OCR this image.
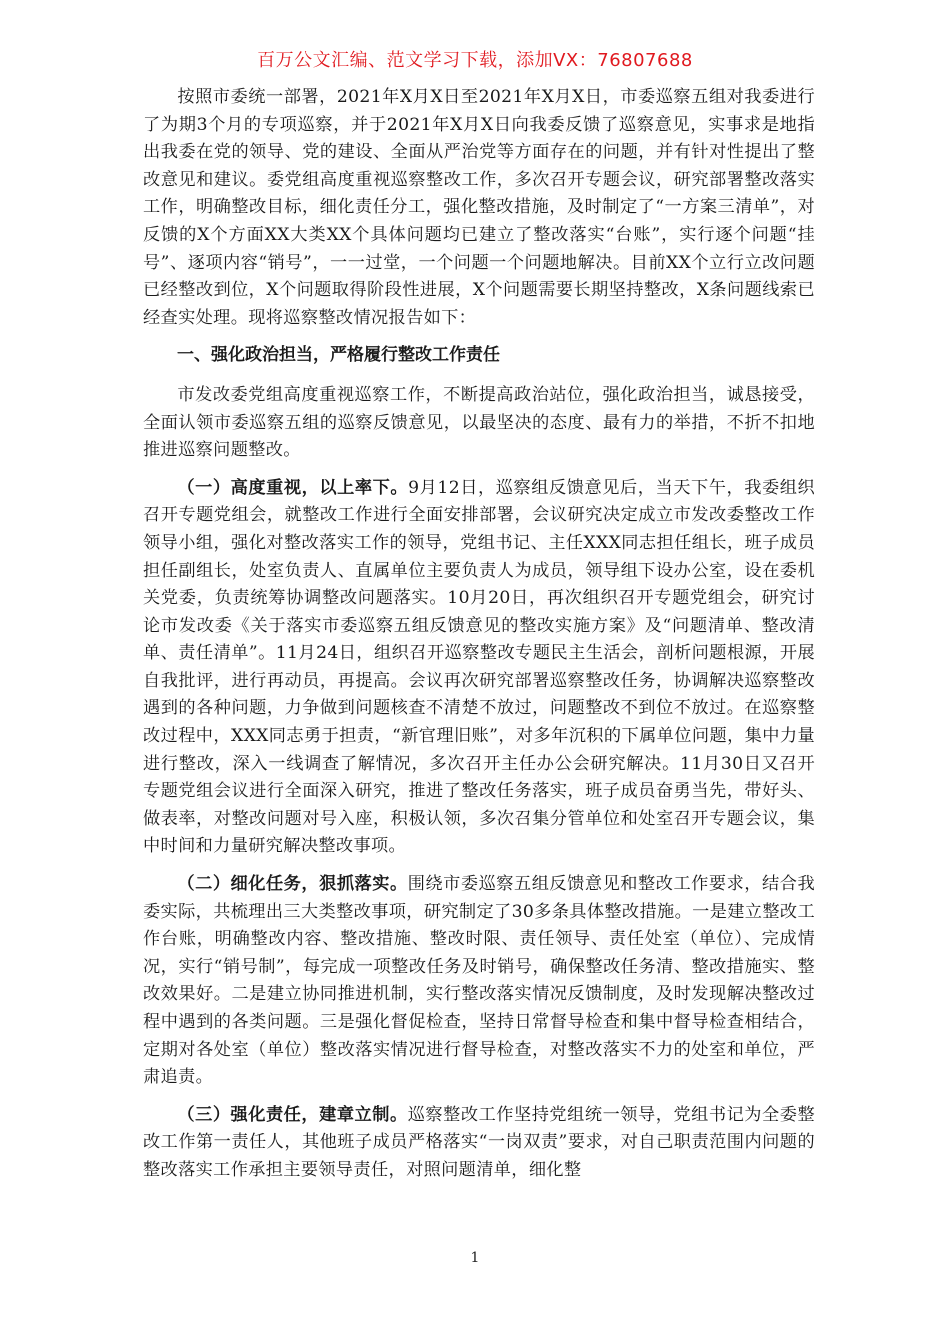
百万公文汇编、范文学习下载，添加VX：76807688

按照市委统一部署，2021年X月X日至2021年X月X日，市委巡察五组对我委进行了为期3个月的专项巡察，并于2021年X月X日向我委反馈了巡察意见，实事求是地指出我委在党的领导、党的建设、全面从严治党等方面存在的问题，并有针对性提出了整改意见和建议。委党组高度重视巡察整改工作，多次召开专题会议，研究部署整改落实工作，明确整改目标，细化责任分工，强化整改措施，及时制定了“一方案三清单”，对反馈的X个方面XX大类XX个具体问题均已建立了整改落实“台账”，实行逐个问题“挂号”、逐项内容“销号”，一一过堂，一个问题一个问题地解决。目前XX个立行立改问题已经整改到位，X个问题取得阶段性进展，X个问题需要长期坚持整改，X条问题线索已经查实处理。现将巡察整改情况报告如下：

一、强化政治担当，严格履行整改工作责任

市发改委党组高度重视巡察工作，不断提高政治站位，强化政治担当，诚恳接受，全面认领市委巡察五组的巡察反馈意见，以最坚决的态度、最有力的举措，不折不扣地推进巡察问题整改。

（一）高度重视，以上率下。9月12日，巡察组反馈意见后，当天下午，我委组织召开专题党组会，就整改工作进行全面安排部署，会议研究决定成立市发改委整改工作领导小组，强化对整改落实工作的领导，党组书记、主任XXX同志担任组长，班子成员担任副组长，处室负责人、直属单位主要负责人为成员，领导组下设办公室，设在委机关党委，负责统筹协调整改问题落实。10月20日，再次组织召开专题党组会，研究讨论市发改委《关于落实市委巡察五组反馈意见的整改实施方案》及“问题清单、整改清单、责任清单”。11月24日，组织召开巡察整改专题民主生活会，剖析问题根源，开展自我批评，进行再动员，再提高。会议再次研究部署巡察整改任务，协调解决巡察整改遇到的各种问题，力争做到问题核查不清楚不放过，问题整改不到位不放过。在巡察整改过程中，XXX同志勇于担责，“新官理旧账”，对多年沉积的下属单位问题，集中力量进行整改，深入一线调查了解情况，多次召开主任办公会研究解决。11月30日又召开专题党组会议进行全面深入研究，推进了整改任务落实，班子成员奋勇当先，带好头、做表率，对整改问题对号入座，积极认领，多次召集分管单位和处室召开专题会议，集中时间和力量研究解决整改事项。

（二）细化任务，狠抓落实。围绕市委巡察五组反馈意见和整改工作要求，结合我委实际，共梳理出三大类整改事项，研究制定了30多条具体整改措施。一是建立整改工作台账，明确整改内容、整改措施、整改时限、责任领导、责任处室（单位）、完成情况，实行“销号制”，每完成一项整改任务及时销号，确保整改任务清、整改措施实、整改效果好。二是建立协同推进机制，实行整改落实情况反馈制度，及时发现解决整改过程中遇到的各类问题。三是强化督促检查，坚持日常督导检查和集中督导检查相结合，定期对各处室（单位）整改落实情况进行督导检查，对整改落实不力的处室和单位，严肃追责。

（三）强化责任，建章立制。巡察整改工作坚持党组统一领导，党组书记为全委整改工作第一责任人，其他班子成员严格落实“一岗双责”要求，对自己职责范围内问题的整改落实工作承担主要领导责任，对照问题清单，细化整

1
